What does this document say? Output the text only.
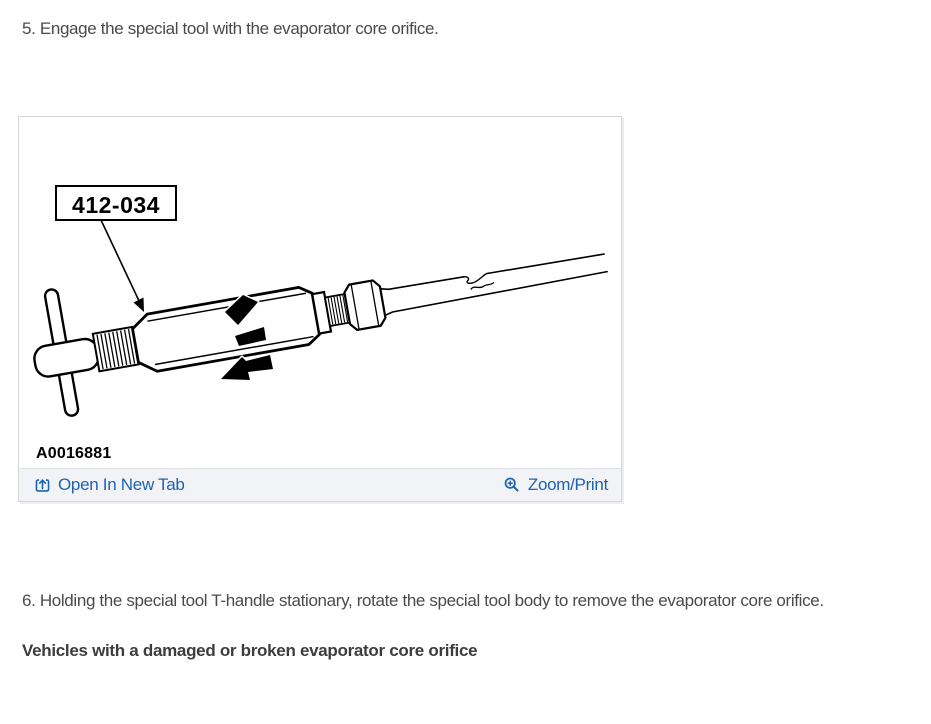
5. Engage the special tool with the evaporator core orifice.

412-034
A0016881
Open In New Tab	Zoom/Print

6. Holding the special tool T-handle stationary, rotate the special tool body to remove the evaporator core orifice.

Vehicles with a damaged or broken evaporator core orifice
